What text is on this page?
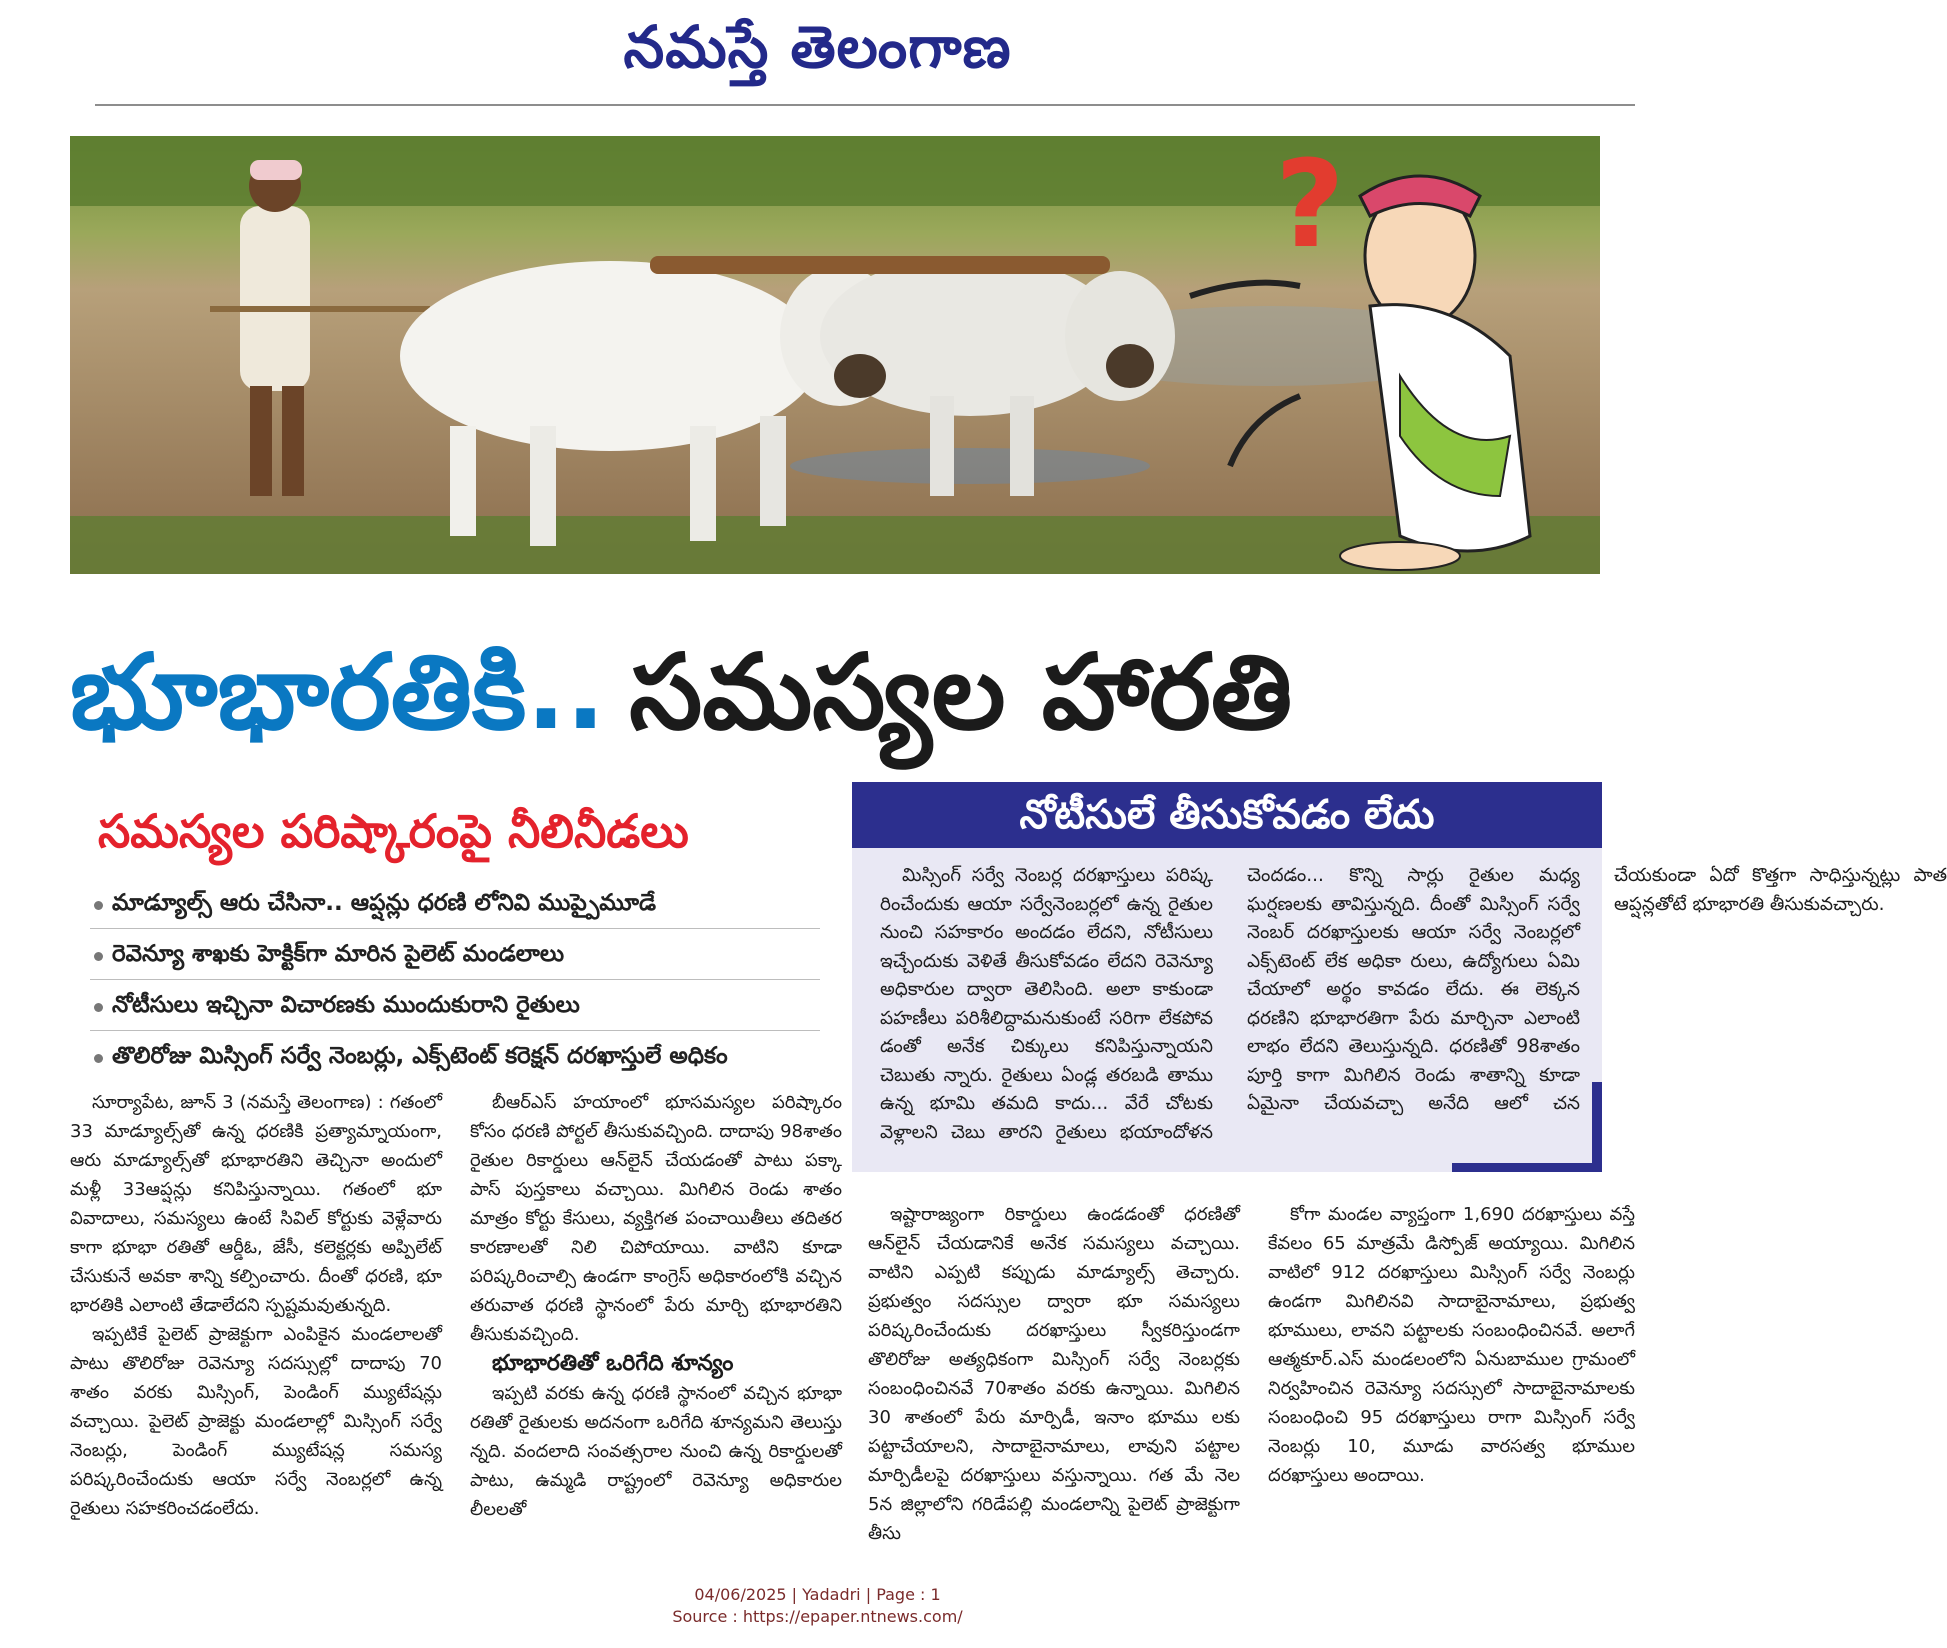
నమస్తే తెలంగాణ
?
భూభారతికి.. సమస్యల హారతి
సమస్యల పరిష్కారంపై నీలినీడలు
మాడ్యూల్స్ ఆరు చేసినా.. ఆప్షన్లు ధరణి లోనివి ముప్పైమూడే
రెవెన్యూ శాఖకు హెక్టిక్‌గా మారిన పైలెట్ మండలాలు
నోటీసులు ఇచ్చినా విచారణకు ముందుకురాని రైతులు
తొలిరోజు మిస్సింగ్ సర్వే నెంబర్లు, ఎక్స్‌టెంట్ కరెక్షన్ దరఖాస్తులే అధికం
నోటీసులే తీసుకోవడం లేదు
మిస్సింగ్ సర్వే నెంబర్ల దరఖాస్తులు పరిష్క రించేందుకు ఆయా సర్వేనెంబర్లలో ఉన్న రైతుల నుంచి సహకారం అందడం లేదని, నోటీసులు ఇచ్చేందుకు వెళితే తీసుకోవడం లేదని రెవెన్యూ అధికారుల ద్వారా తెలిసింది. అలా కాకుండా పహణీలు పరిశీలిద్దామనుకుంటే సరిగా లేకపోవ డంతో అనేక చిక్కులు కనిపిస్తున్నాయని చెబుతు న్నారు. రైతులు ఏండ్ల తరబడి తాము ఉన్న భూమి తమది కాదు... వేరే చోటకు వెళ్లాలని చెబు తారని రైతులు భయాందోళన చెందడం... కొన్ని సార్లు రైతుల మధ్య ఘర్షణలకు తావిస్తున్నది. దీంతో మిస్సింగ్ సర్వే నెంబర్ దరఖాస్తులకు ఆయా సర్వే నెంబర్లలో ఎక్స్‌టెంట్ లేక అధికా రులు, ఉద్యోగులు ఏమి చేయాలో అర్థం కావడం లేదు. ఈ లెక్కన ధరణిని భూభారతిగా పేరు మార్చినా ఎలాంటి లాభం లేదని తెలుస్తున్నది. ధరణితో 98శాతం పూర్తి కాగా మిగిలిన రెండు శాతాన్ని కూడా ఏమైనా చేయవచ్చా అనేది ఆలో చన చేయకుండా ఏదో కొత్తగా సాధిస్తున్నట్లు పాత ఆప్షన్లతోటే భూభారతి తీసుకువచ్చారు.

సూర్యాపేట, జూన్ 3 (నమస్తే తెలంగాణ) : గతంలో 33 మాడ్యూల్స్‌తో ఉన్న ధరణికి ప్రత్యామ్నాయంగా, ఆరు మాడ్యూల్స్‌తో భూభారతిని తెచ్చినా అందులో మళ్లీ 33ఆప్షన్లు కనిపిస్తున్నాయి. గతంలో భూ వివాదాలు, సమస్యలు ఉంటే సివిల్ కోర్టుకు వెళ్లేవారు కాగా భూభా రతితో ఆర్డీఓ, జేసీ, కలెక్టర్లకు అప్పిలేట్ చేసుకునే అవకా శాన్ని కల్పించారు. దీంతో ధరణి, భూ భారతికి ఎలాంటి తేడాలేదని స్పష్టమవుతున్నది.

ఇప్పటికే పైలెట్ ప్రాజెక్టుగా ఎంపికైన మండలాలతో పాటు తొలిరోజు రెవెన్యూ సదస్సుల్లో దాదాపు 70 శాతం వరకు మిస్సింగ్, పెండింగ్ మ్యుటేషన్లు వచ్చాయి. పైలెట్ ప్రాజెక్టు మండలాల్లో మిస్సింగ్ సర్వే నెంబర్లు, పెండింగ్ మ్యుటేషన్ల సమస్య పరిష్కరించేందుకు ఆయా సర్వే నెంబర్లలో ఉన్న రైతులు సహకరించడంలేదు.

బీఆర్‌ఎస్ హయాంలో భూసమస్యల పరిష్కారం కోసం ధరణి పోర్టల్ తీసుకువచ్చింది. దాదాపు 98శాతం రైతుల రికార్డులు ఆన్‌లైన్ చేయడంతో పాటు పక్కా పాస్ పుస్తకాలు వచ్చాయి. మిగిలిన రెండు శాతం మాత్రం కోర్టు కేసులు, వ్యక్తిగత పంచాయితీలు తదితర కారణాలతో నిలి చిపోయాయి. వాటిని కూడా పరిష్కరించాల్సి ఉండగా కాంగ్రెస్ అధికారంలోకి వచ్చిన తరువాత ధరణి స్థానంలో పేరు మార్చి భూభారతిని తీసుకువచ్చింది.

భూభారతితో ఒరిగేది శూన్యం

ఇప్పటి వరకు ఉన్న ధరణి స్థానంలో వచ్చిన భూభా రతితో రైతులకు అదనంగా ఒరిగేది శూన్యమని తెలుస్తు న్నది. వందలాది సంవత్సరాల నుంచి ఉన్న రికార్డులతో పాటు, ఉమ్మడి రాష్ట్రంలో రెవెన్యూ అధికారుల లీలలతో

ఇష్టారాజ్యంగా రికార్డులు ఉండడంతో ధరణితో ఆన్‌లైన్ చేయడానికే అనేక సమస్యలు వచ్చాయి. వాటిని ఎప్పటి కప్పుడు మాడ్యూల్స్ తెచ్చారు. ప్రభుత్వం సదస్సుల ద్వారా భూ సమస్యలు పరిష్కరించేందుకు దరఖాస్తులు స్వీకరిస్తుండగా తొలిరోజు అత్యధికంగా మిస్సింగ్ సర్వే నెంబర్లకు సంబంధించినవే 70శాతం వరకు ఉన్నాయి. మిగిలిన 30 శాతంలో పేరు మార్పిడీ, ఇనాం భూము లకు పట్టాచేయాలని, సాదాబైనామాలు, లావుని పట్టాల మార్పిడీలపై దరఖాస్తులు వస్తున్నాయి. గత మే నెల 5న జిల్లాలోని గరిడేపల్లి మండలాన్ని పైలెట్ ప్రాజెక్టుగా తీసు

కోగా మండల వ్యాప్తంగా 1,690 దరఖాస్తులు వస్తే కేవలం 65 మాత్రమే డిస్పోజ్ అయ్యాయి. మిగిలిన వాటిలో 912 దరఖాస్తులు మిస్సింగ్ సర్వే నెంబర్లు ఉండగా మిగిలినవి సాదాబైనామాలు, ప్రభుత్వ భూములు, లావని పట్టాలకు సంబంధించినవే. అలాగే ఆత్మకూర్.ఎస్ మండలంలోని ఏనుబాముల గ్రామంలో నిర్వహించిన రెవెన్యూ సదస్సులో సాదాబైనామాలకు సంబంధించి 95 దరఖాస్తులు రాగా మిస్సింగ్ సర్వే నెంబర్లు 10, మూడు వారసత్వ భూముల దరఖాస్తులు అందాయి.

04/06/2025 | Yadadri | Page : 1
Source : https://epaper.ntnews.com/
